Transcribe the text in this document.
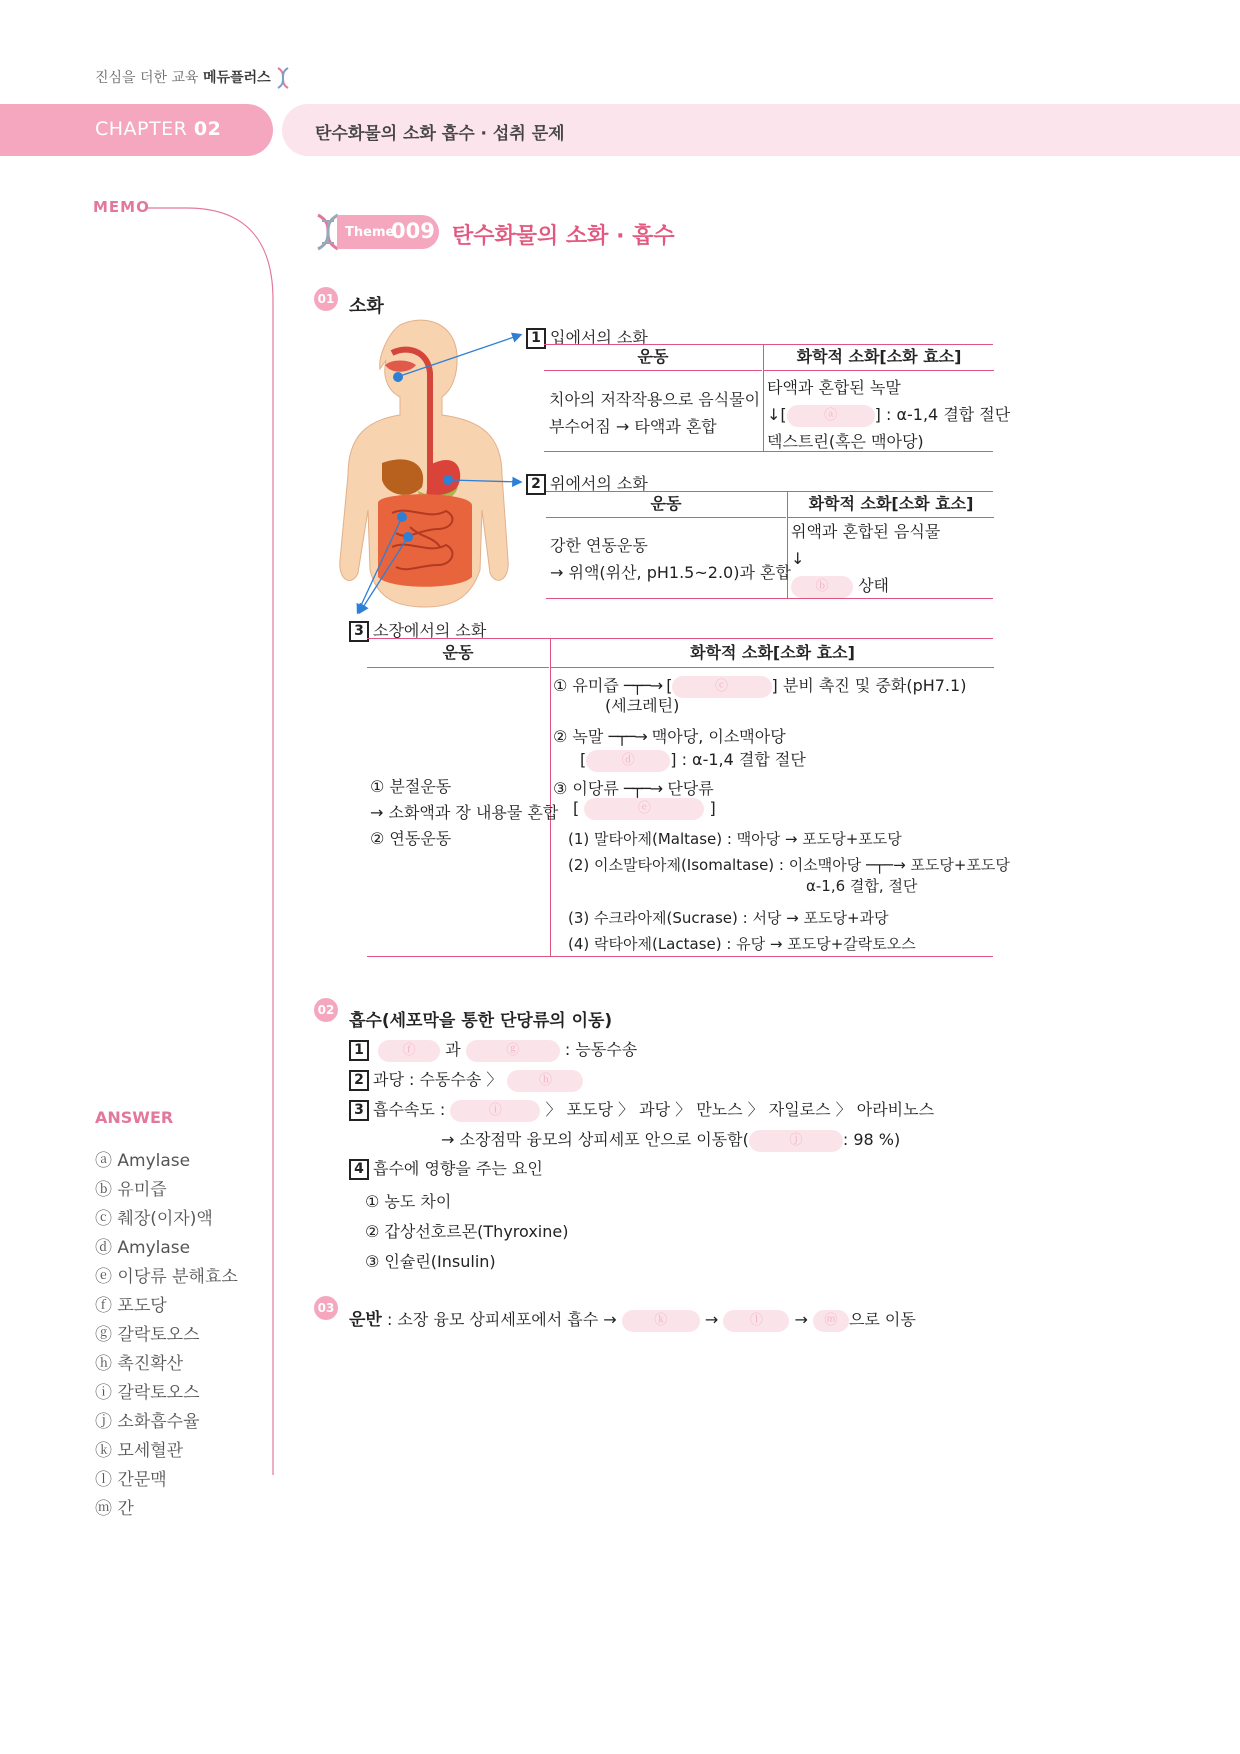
진심을 더한 교육 메듀플러스
CHAPTER 02	탄수화물의 소화 흡수 · 섭취 문제
MEMO
ANSWER
ⓐ Amylase
ⓑ 유미즙
ⓒ 췌장(이자)액
ⓓ Amylase
ⓔ 이당류 분해효소
ⓕ 포도당
ⓖ 갈락토오스
ⓗ 촉진확산
ⓘ 갈락토오스
ⓙ 소화흡수율
ⓚ 모세혈관
ⓛ 간문맥
ⓜ 간
Theme
009 탄수화물의 소화 · 흡수
01 소화
1 입에서의 소화
운동	화학적 소화[소화 효소]
치아의 저작작용으로 음식물이
부수어짐 → 타액과 혼합
타액과 혼합된 녹말
↓[	ⓐ ] : α-1,4 결합 절단
덱스트린(혹은 맥아당)
2 위에서의 소화
운동	화학적 소화[소화 효소]
강한 연동운동
→ 위액(위산, pH1.5~2.0)과 혼합
위액과 혼합된 음식물
↓
ⓑ 상태
3 소장에서의 소화
운동	화학적 소화[소화 효소]
① 분절운동
→ 소화액과 장 내용물 혼합
② 연동운동
① 유미즙 ─┬─→ [	ⓒ	] 분비 촉진 및 중화(pH7.1)
(세크레틴)
② 녹말 ─┬─→ 맥아당, 이소맥아당
[	ⓓ ] : α-1,4 결합 절단
③ 이당류 ─┬─→ 단당류
[	ⓔ	]
(1) 말타아제(Maltase) : 맥아당 → 포도당+포도당
(2) 이소말타아제(Isomaltase) : 이소맥아당 ─┬─→ 포도당+포도당
α-1,6 결합, 절단
(3) 수크라아제(Sucrase) : 서당 → 포도당+과당
(4) 락타아제(Lactase) : 유당 → 포도당+갈락토오스
02
흡수(세포막을 통한 단당류의 이동)
1	ⓕ 과	ⓖ	: 능동수송
2 과당 : 수동수송 〉	ⓗ
3 흡수속도 :	ⓘ	〉 포도당 〉 과당 〉 만노스 〉 자일로스 〉 아라비노스
→ 소장점막 융모의 상피세포 안으로 이동함(	ⓙ	: 98 %)
4 흡수에 영향을 주는 요인
① 농도 차이
② 갑상선호르몬(Thyroxine)
③ 인슐린(Insulin)
03
운반 : 소장 융모 상피세포에서 흡수 →	ⓚ → ⓛ → ⓜ 으로 이동
